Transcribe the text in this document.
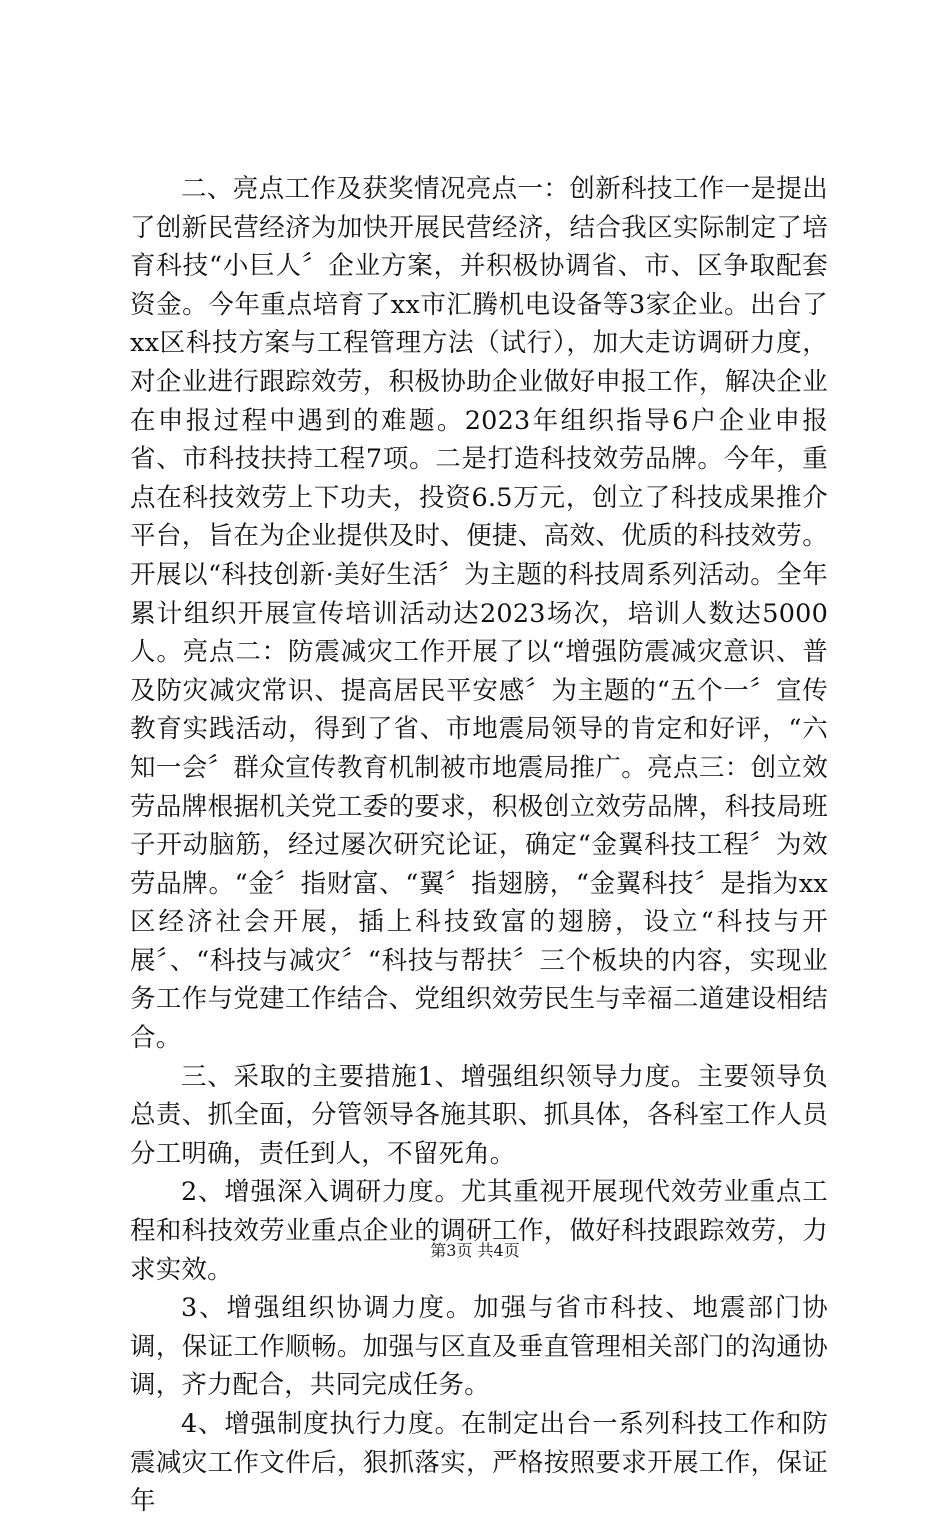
二、亮点工作及获奖情况亮点一：创新科技工作一是提出了创新民营经济为加快开展民营经济，结合我区实际制定了培育科技“小巨人〞企业方案，并积极协调省、市、区争取配套资金。今年重点培育了xx市汇腾机电设备等3家企业。出台了xx区科技方案与工程管理方法（试行），加大走访调研力度，对企业进行跟踪效劳，积极协助企业做好申报工作，解决企业在申报过程中遇到的难题。2023年组织指导6户企业申报省、市科技扶持工程7项。二是打造科技效劳品牌。今年，重点在科技效劳上下功夫，投资6.5万元，创立了科技成果推介平台，旨在为企业提供及时、便捷、高效、优质的科技效劳。开展以“科技创新·美好生活〞为主题的科技周系列活动。全年累计组织开展宣传培训活动达2023场次，培训人数达5000人。亮点二：防震减灾工作开展了以“增强防震减灾意识、普及防灾减灾常识、提高居民平安感〞为主题的“五个一〞宣传教育实践活动，得到了省、市地震局领导的肯定和好评，“六知一会〞群众宣传教育机制被市地震局推广。亮点三：创立效劳品牌根据机关党工委的要求，积极创立效劳品牌，科技局班子开动脑筋，经过屡次研究论证，确定“金翼科技工程〞为效劳品牌。“金〞指财富、“翼〞指翅膀，“金翼科技〞是指为xx区经济社会开展，插上科技致富的翅膀，设立“科技与开展〞、“科技与减灾〞“科技与帮扶〞三个板块的内容，实现业务工作与党建工作结合、党组织效劳民生与幸福二道建设相结合。

三、采取的主要措施1、增强组织领导力度。主要领导负总责、抓全面，分管领导各施其职、抓具体，各科室工作人员分工明确，责任到人，不留死角。

2、增强深入调研力度。尤其重视开展现代效劳业重点工程和科技效劳业重点企业的调研工作，做好科技跟踪效劳，力求实效。

3、增强组织协调力度。加强与省市科技、地震部门协调，保证工作顺畅。加强与区直及垂直管理相关部门的沟通协调，齐力配合，共同完成任务。

4、增强制度执行力度。在制定出台一系列科技工作和防震减灾工作文件后，狠抓落实，严格按照要求开展工作，保证年

第3页 共4页
